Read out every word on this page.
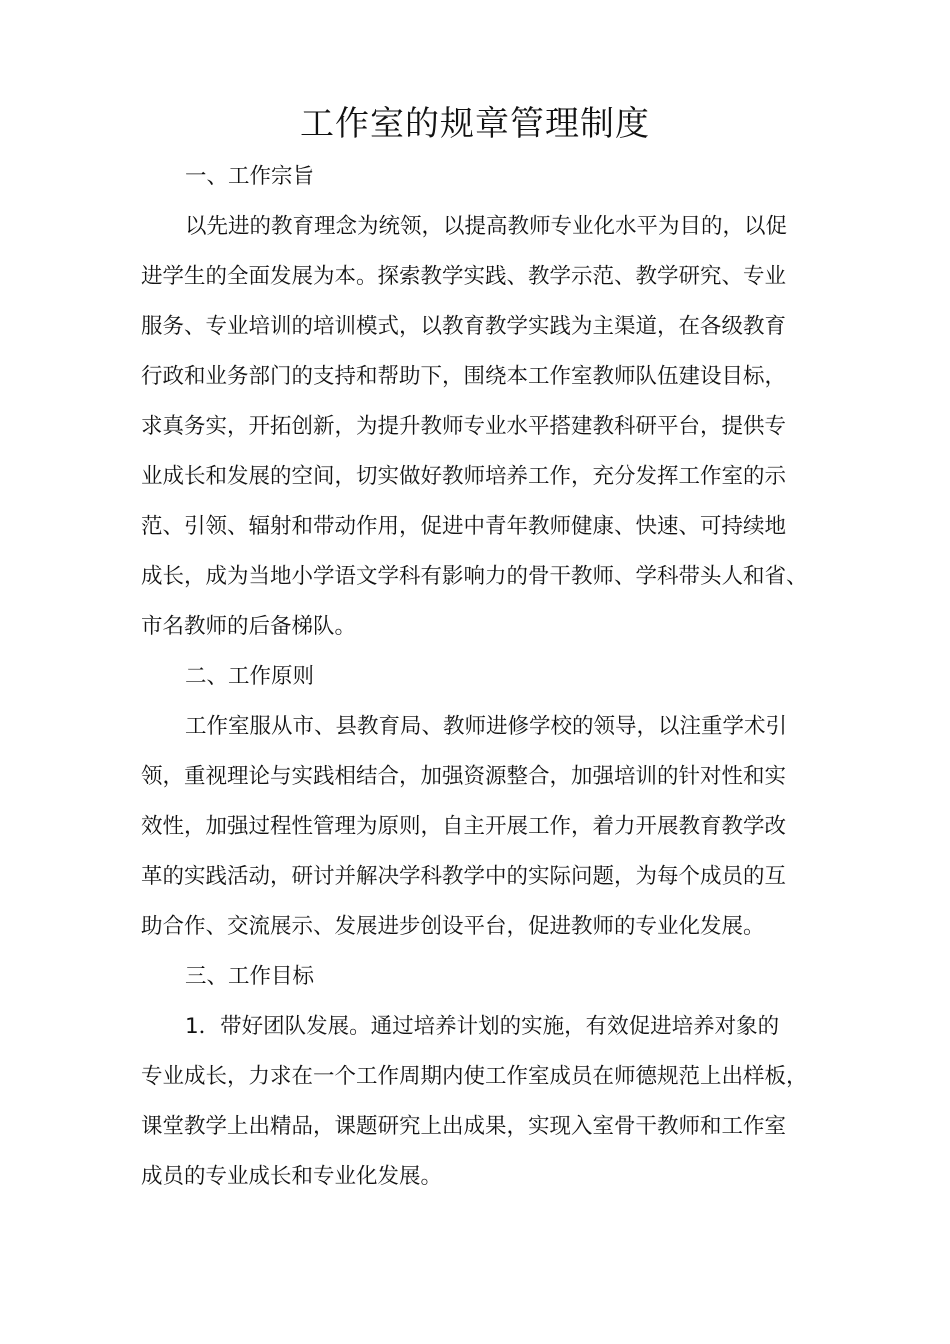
工作室的规章管理制度

一、工作宗旨

以先进的教育理念为统领，以提高教师专业化水平为目的，以促

进学生的全面发展为本。探索教学实践、教学示范、教学研究、专业

服务、专业培训的培训模式，以教育教学实践为主渠道，在各级教育

行政和业务部门的支持和帮助下，围绕本工作室教师队伍建设目标，

求真务实，开拓创新，为提升教师专业水平搭建教科研平台，提供专

业成长和发展的空间，切实做好教师培养工作，充分发挥工作室的示

范、引领、辐射和带动作用，促进中青年教师健康、快速、可持续地

成长，成为当地小学语文学科有影响力的骨干教师、学科带头人和省、

市名教师的后备梯队。

二、工作原则

工作室服从市、县教育局、教师进修学校的领导，以注重学术引

领，重视理论与实践相结合，加强资源整合，加强培训的针对性和实

效性，加强过程性管理为原则，自主开展工作，着力开展教育教学改

革的实践活动，研讨并解决学科教学中的实际问题，为每个成员的互

助合作、交流展示、发展进步创设平台，促进教师的专业化发展。

三、工作目标

1．带好团队发展。通过培养计划的实施，有效促进培养对象的

专业成长，力求在一个工作周期内使工作室成员在师德规范上出样板，

课堂教学上出精品，课题研究上出成果，实现入室骨干教师和工作室

成员的专业成长和专业化发展。
